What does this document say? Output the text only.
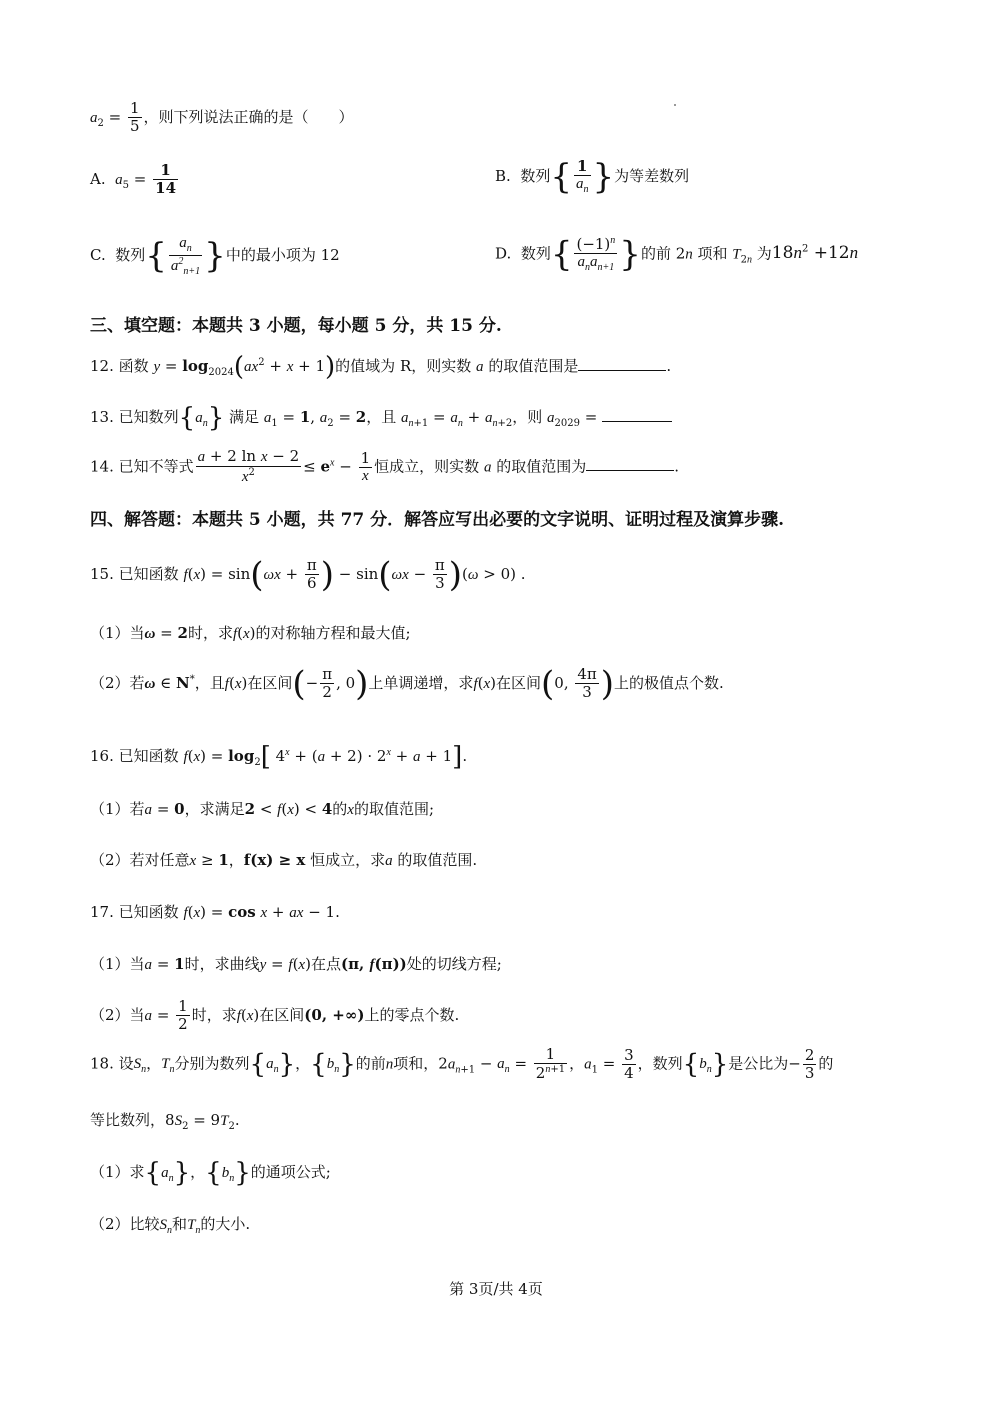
$a_2 = \frac{1}{5}$ ，则下列说法正确的是（　　）
A. $a_5 = \frac{1}{14}$	B. 数列{ $\frac{1}{a_n}$ }为等差数列
C. 数列{ $\frac{a_n}{a^2_{n+1}}$ }中的最小项为 12	D. 数列{ $\frac{(-1)^n}{a_na_{n+1}}$ }的前 2n 项和 $T_{2n}$ 为$18n^2 +12n$
三、填空题：本题共 3 小题，每小题 5 分，共 15 分.
12. 函数 $y = \log_{2024}(ax^2 + x + 1)$的值域为 R，则实数 a 的取值范围是	.
13. 已知数列$\{a_n\}$ 满足 $a_1 = 1$, $a_2 = 2$，且 $a_{n+1} = a_n + a_{n+2}$，则 $a_{2029}$ =
14. 已知不等式 $\frac{\text{a + 2 ln x − 2}}{x^2} \le e^x - \frac{1}{x}$ 恒成立，则实数 a 的取值范围为	.
四、解答题：本题共 5 小题，共 77 分．解答应写出必要的文字说明、证明过程及演算步骤.
15. 已知函数 $f(x) = \sin(\omega x + \frac{\pi}{6}$ ) − $\sin(\omega x - \frac{\pi}{3} )(\omega > 0)$ .
（1）当ω = 2时，求f(x)的对称轴方程和最大值;
（2）若ω ∈ N*，且f(x)在区间(− $\frac{\pi}{2}$ , 0)上单调递增，求f(x)在区间(0, $\frac{4\pi}{3}$ )上的极值点个数.
16. 已知函数 $f(x) = \log_2$[ $4^x + (a + 2) \cdot 2^x + a + 1$].
（1）若a = 0，求满足2 < f(x) < 4的x的取值范围;
（2）若对任意x ≥ 1，f(x) ≥ x 恒成立，求a 的取值范围.
17. 已知函数 f(x) = cos x + ax − 1.
（1）当a = 1时，求曲线y = f(x)在点(π, f(π))处的切线方程;
（2）当$a = \frac{1}{2}$ 时，求f(x)在区间(0, +∞)上的零点个数.
18. 设$S_n$，$T_n$分别为数列$\{a_n\}$，$\{b_n\}$的前n项和，$2a_{n+1} - a_n = \frac{1}{2^{n+1}}$ ，$a_1 = \frac{3}{4}$ ，数列$\{b_n\}$是公比为− $\frac{2}{3}$ 的
等比数列，$8S_2 = 9T_2$.
（1）求$\{a_n\}$，$\{b_n\}$的通项公式;
（2）比较$S_n$和$T_n$的大小.
第 3页/共 4页
